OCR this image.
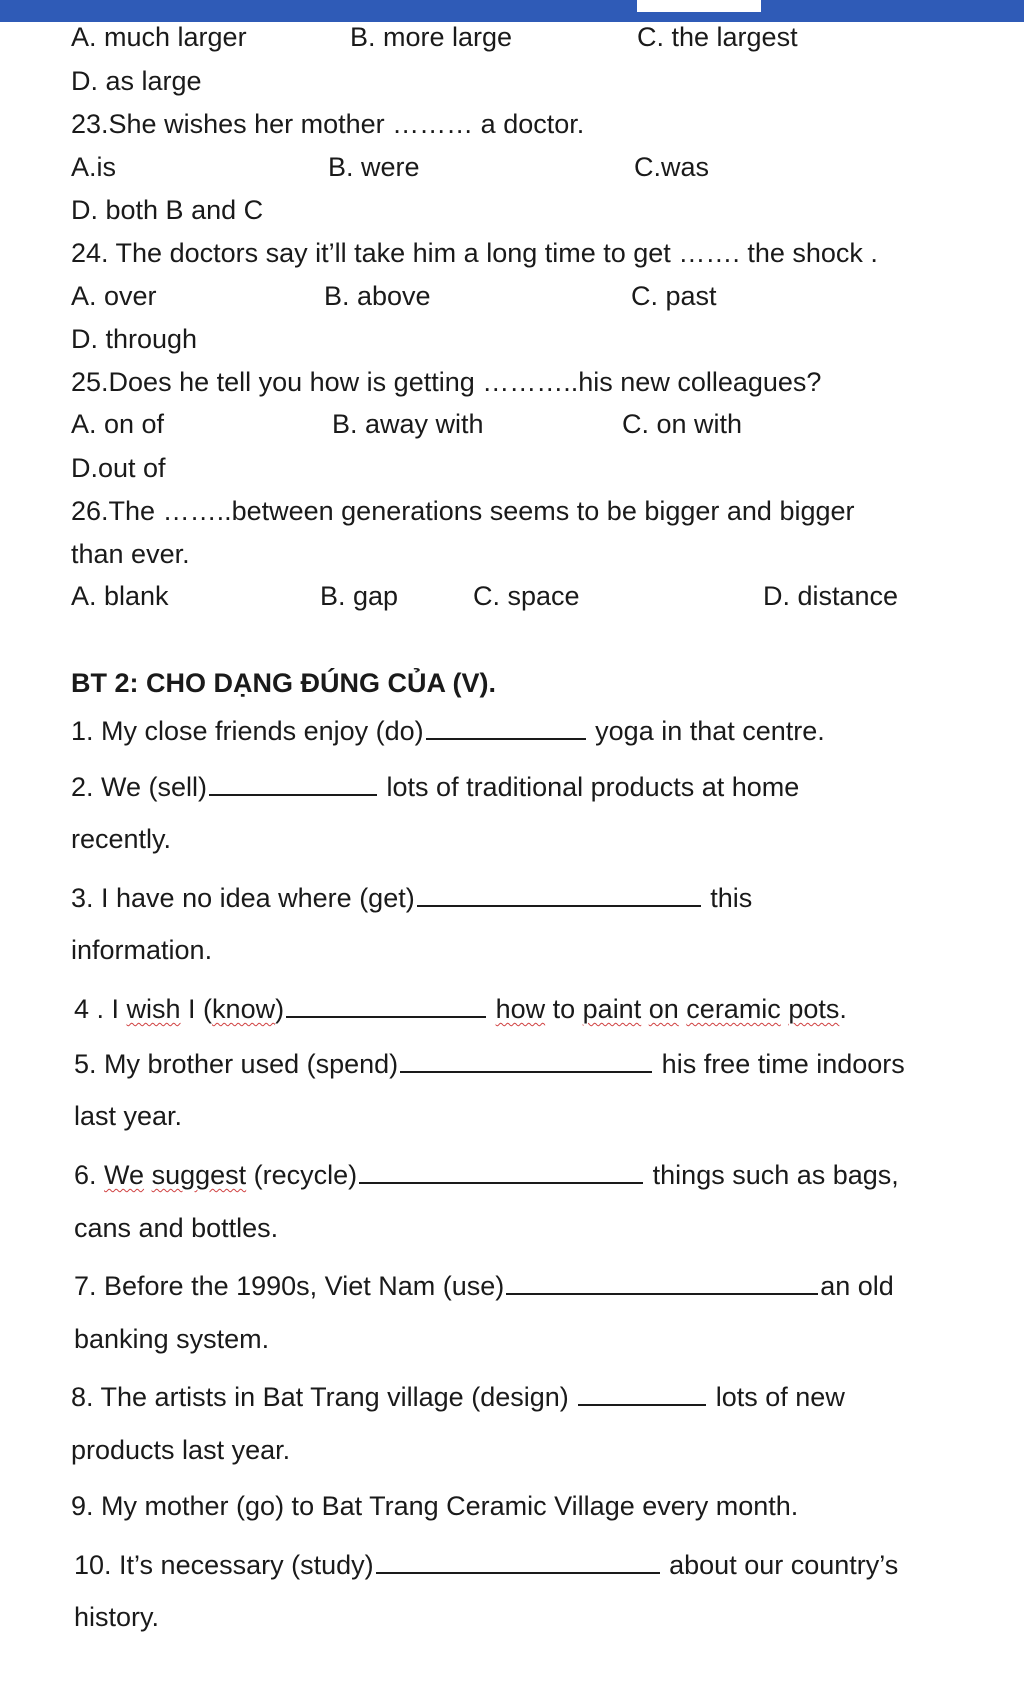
A. much larger	B. more large	C. the largest
D. as large
23.She wishes her mother ……… a doctor.
A.is	B. were	C.was
D. both B and C
24. The doctors say it’ll take him a long time to get ……. the shock .
A. over	B. above	C. past
D. through
25.Does he tell you how is getting ………..his new colleagues?
A. on of	B. away with	C. on with
D.out of
26.The ……..between generations seems to be bigger and bigger
than ever.
A. blank	B. gap	C. space	D. distance
BT 2: CHO DẠNG ĐÚNG CỦA (V).
1. My close friends enjoy (do)	yoga in that centre.
2. We (sell)	lots of traditional products at home
recently.
3. I have no idea where (get)	this
information.
4 . I wish I (know)	how to paint on ceramic pots.
5. My brother used (spend)	his free time indoors
last year.
6. We suggest (recycle)	things such as bags,
cans and bottles.
7. Before the 1990s, Viet Nam (use)	an old
banking system.
8. The artists in Bat Trang village (design)	lots of new
products last year.
9. My mother (go) to Bat Trang Ceramic Village every month.
10. It’s necessary (study)	about our country’s
history.
